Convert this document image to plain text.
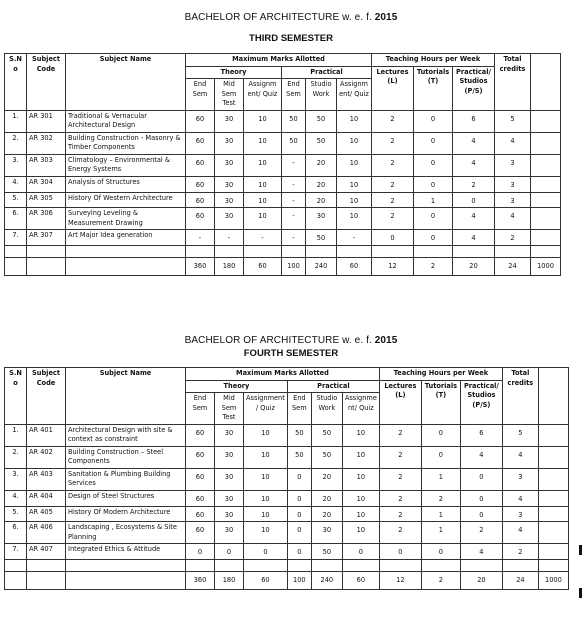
BACHELOR OF ARCHITECTURE w. e. f. 2015
THIRD SEMESTER
S.N o	Subject Code	Subject Name	Maximum Marks Allotted						Teaching Hours per Week			Total credits	
			Theory			Practical			Lectures (L)	Tutorials (T)	Practical/ Studios (P/S)		
			End Sem	Mid Sem Test	Assignm ent/ Quiz	End Sem	Studio Work	Assignm ent/ Quiz					
1.	AR 301	Traditional & Vernacular Architectural Design	60	30	10	50	50	10	2	0	6	5	
2.	AR 302	Building Construction - Masonry & Timber Components	60	30	10	50	50	10	2	0	4	4	
3.	AR 303	Climatology – Environmental & Energy Systems	60	30	10	-	20	10	2	0	4	3	
4.	AR 304	Analysis of Structures	60	30	10	-	20	10	2	0	2	3	
5.	AR 305	History Of Western Architecture	60	30	10	-	20	10	2	1	0	3	
6.	AR 306	Surveying Leveling & Measurement Drawing	60	30	10	-	30	10	2	0	4	4	
7.	AR 307	Art Major Idea generation	-	-	-	-	50	-	0	0	4	2	

			360	180	60	100	240	60	12	2	20	24	1000
BACHELOR OF ARCHITECTURE w. e. f. 2015
FOURTH SEMESTER
S.N o	Subject Code	Subject Name	Maximum Marks Allotted						Teaching Hours per Week			Total credits	
			Theory			Practical			Lectures (L)	Tutorials (T)	Practical/ Studios (P/S)		
			End Sem	Mid Sem Test	Assignment / Quiz	End Sem	Studio Work	Assignme nt/ Quiz					
1.	AR 401	Architectural Design with site & context as constraint	60	30	10	50	50	10	2	0	6	5	
2.	AR 402	Building Construction – Steel Components	60	30	10	50	50	10	2	0	4	4	
3.	AR 403	Sanitation & Plumbing Building Services	60	30	10	0	20	10	2	1	0	3	
4.	AR 404	Design of Steel Structures	60	30	10	0	20	10	2	2	0	4	
5.	AR 405	History Of Modern Architecture	60	30	10	0	20	10	2	1	0	3	
6.	AR 406	Landscaping , Ecosystems & Site Planning	60	30	10	0	30	10	2	1	2	4	
7.	AR 407	Integrated Ethics & Attitude	0	0	0	0	50	0	0	0	4	2	

			360	180	60	100	240	60	12	2	20	24	1000
